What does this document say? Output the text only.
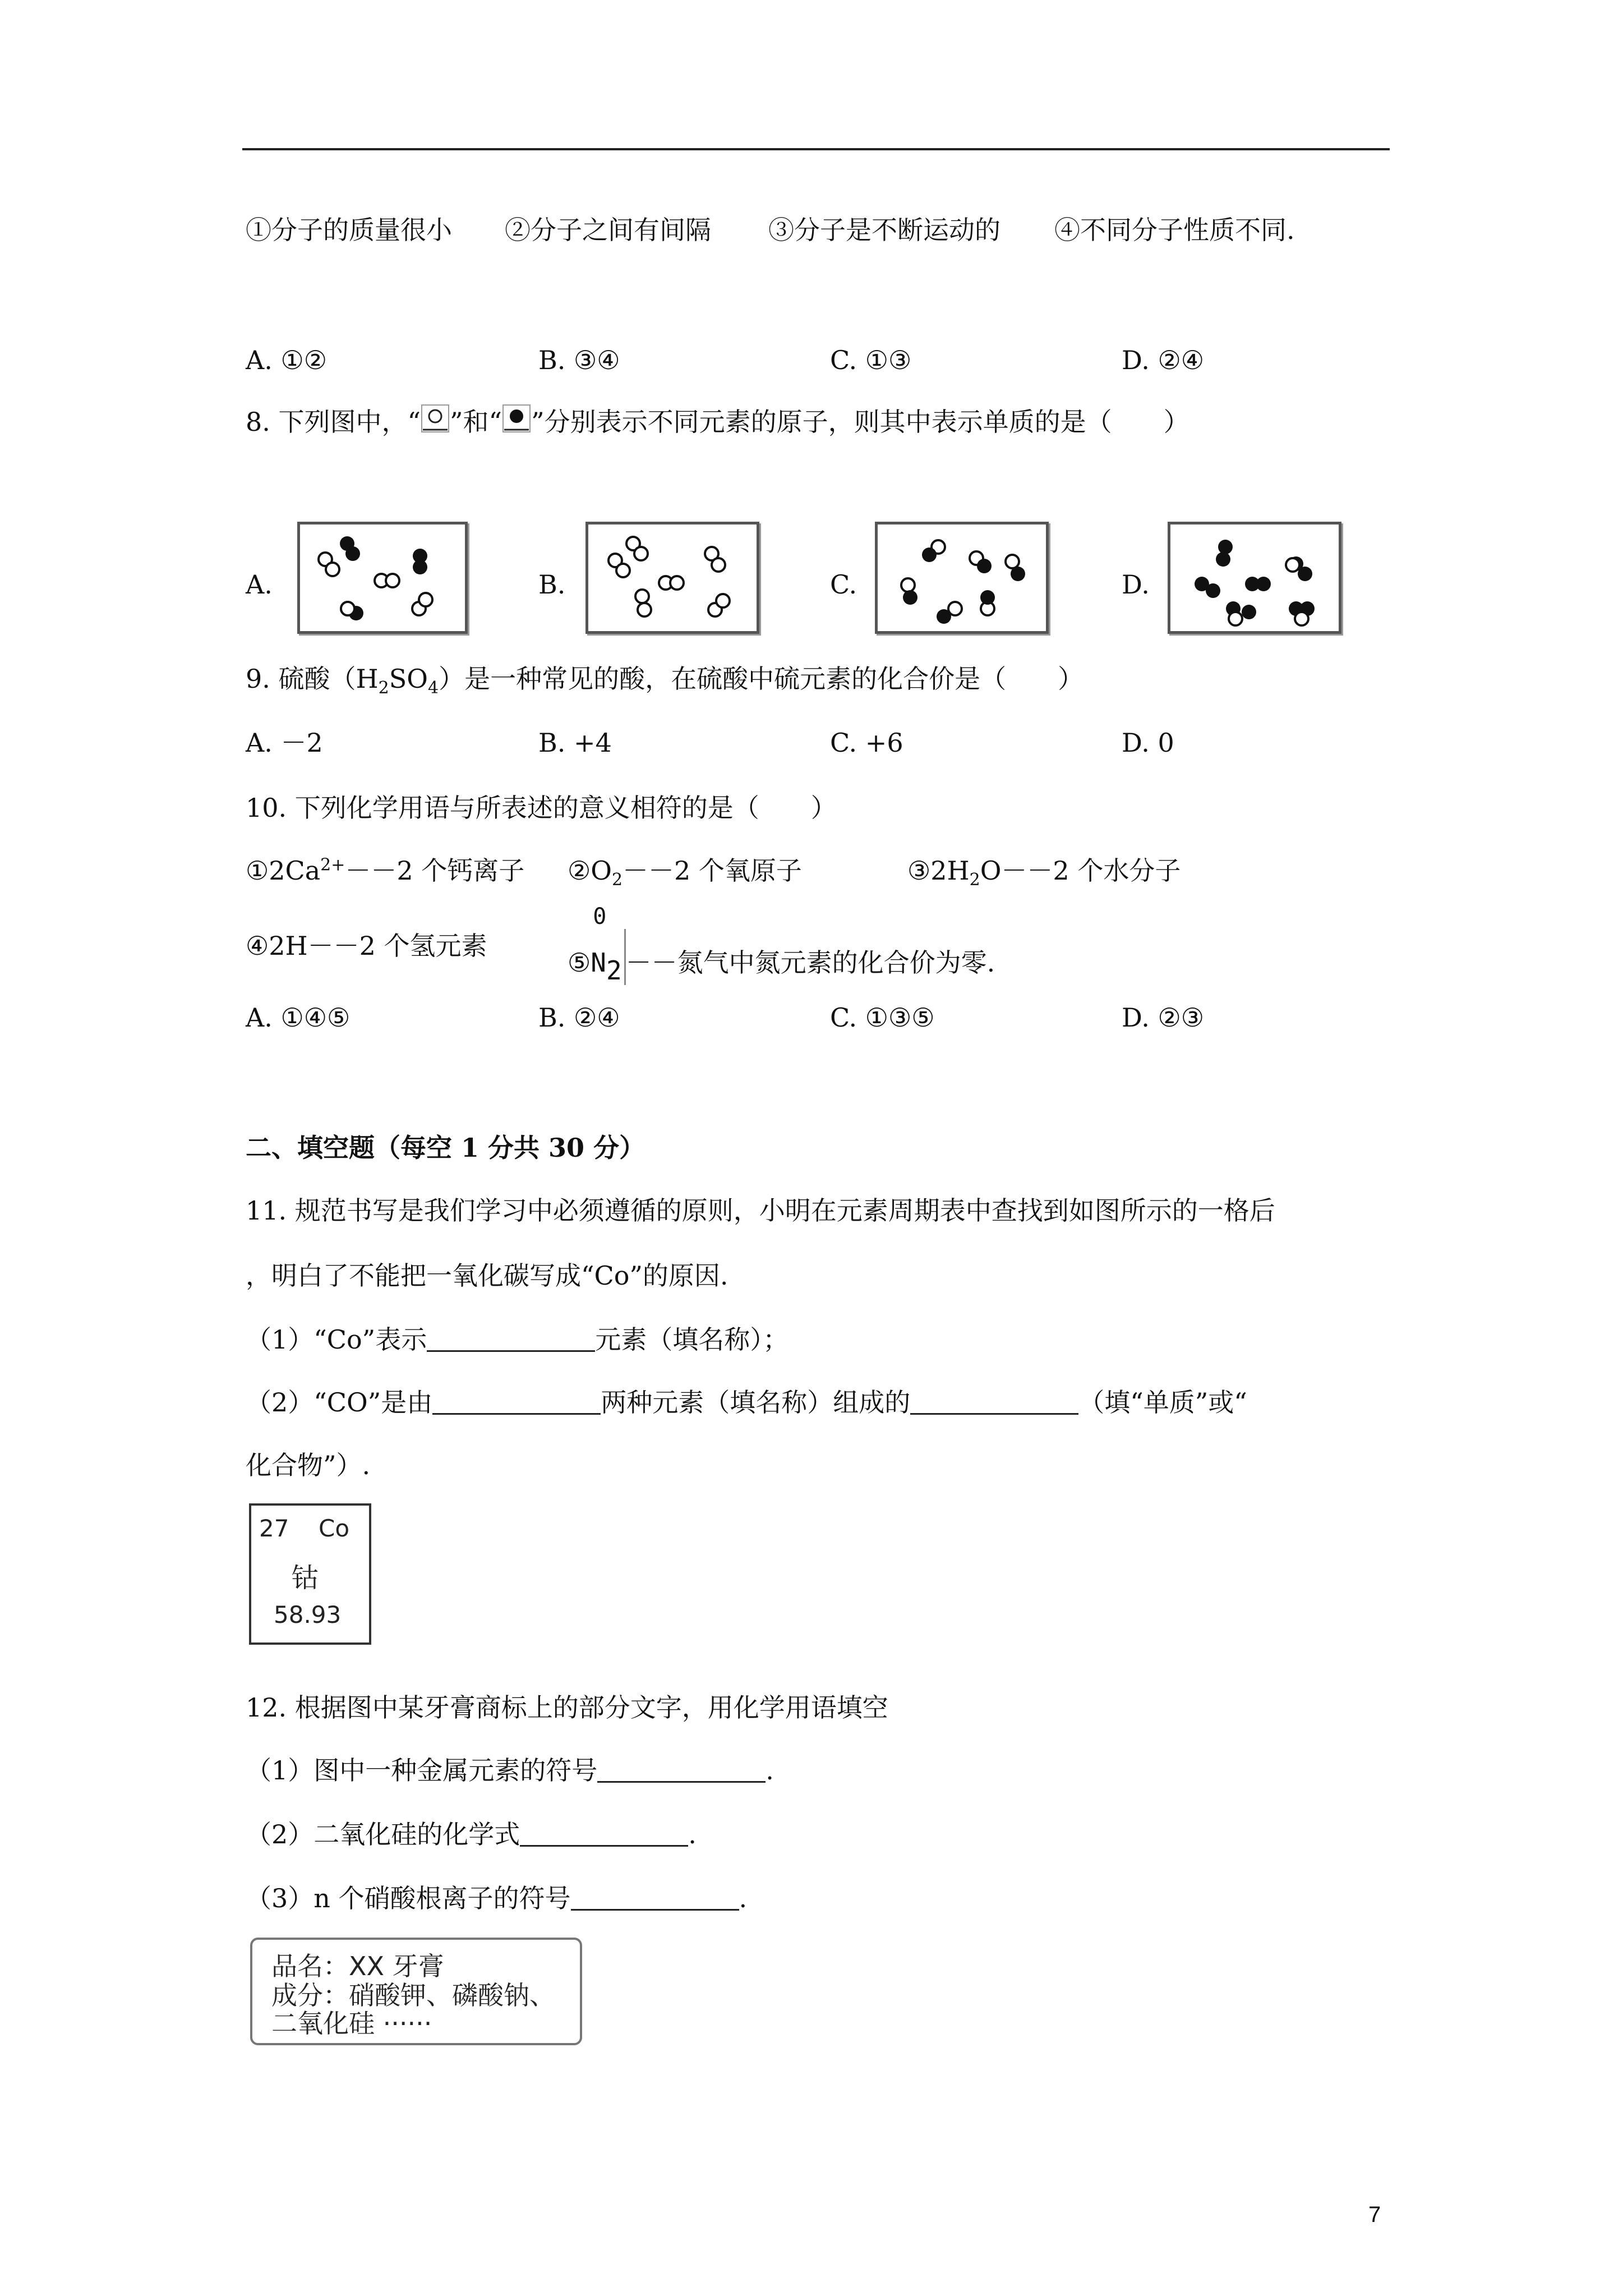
①分子的质量很小 ②分子之间有间隔 ③分子是不断运动的 ④不同分子性质不同.
A. ①②	B. ③④	C. ①③	D. ②④
8. 下列图中，“ ”和“ ”分别表示不同元素的原子，则其中表示单质的是（　　）
A.	B.	C.	D.
9. 硫酸$(H_2SO_4)$是一种常见的酸，在硫酸中硫元素的化合价是（　　）
A. －2	B. +4	C. +6	D. 0
10. 下列化学用语与所表述的意义相符的是（　　）
$①2Ca^{2+}--2$ 个钙离子 $②O_2--2$ 个氧原子	$③2H_2O--2$ 个水分子
④2H－－2 个氢元素
⑤
0
$N_2$ －－氮气中氮元素的化合价为零.
A. ①④⑤	B. ②④	C. ①③⑤	D. ②③
二、填空题（每空 1 分共 30 分）
11. 规范书写是我们学习中必须遵循的原则，小明在元素周期表中查找到如图所示的一格后
，明白了不能把一氧化碳写成“Co”的原因.
（1）“Co”表示	元素（填名称）；
（2）“CO”是由	两种元素（填名称）组成的	（填“单质”或“
化合物”）.
27 Co
钴
58.93
12. 根据图中某牙膏商标上的部分文字，用化学用语填空
（1）图中一种金属元素的符号	.
（2）二氧化硅的化学式	.
（3）n 个硝酸根离子的符号	.
品名：XX 牙膏
成分：硝酸钾、磷酸钠、
二氧化硅 ······
7
